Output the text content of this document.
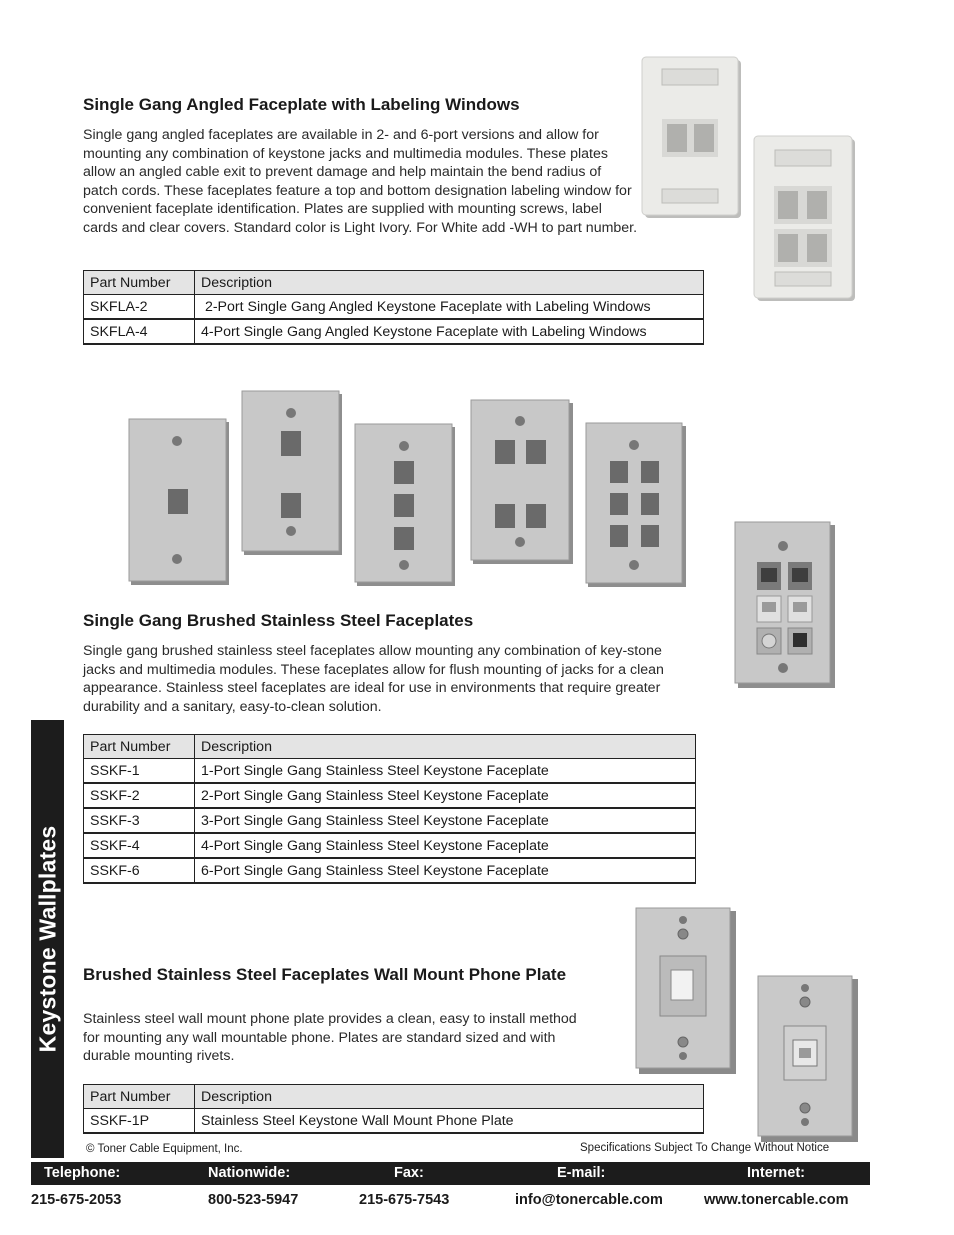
Single Gang Angled Faceplate with Labeling Windows

Single gang angled faceplates are available in 2- and 6-port versions and allow for mounting any combination of keystone jacks and multimedia modules. These plates allow an angled cable exit to prevent damage and help maintain the bend radius of patch cords. These faceplates feature a top and bottom designation labeling window for convenient faceplate identification. Plates are supplied with mounting screws, label cards and clear covers. Standard color is Light Ivory. For White add -WH to part number.

Part Number	Description
SKFLA-2	2-Port Single Gang Angled Keystone Faceplate with Labeling Windows
SKFLA-4	4-Port Single Gang Angled Keystone Faceplate with Labeling Windows
Single Gang Brushed Stainless Steel Faceplates

Single gang brushed stainless steel faceplates allow mounting any combination of key-stone jacks and multimedia modules. These faceplates allow for flush mounting of jacks for a clean appearance. Stainless steel faceplates are ideal for use in environments that require greater durability and a sanitary, easy-to-clean solution.

Part Number	Description
SSKF-1	1-Port Single Gang Stainless Steel Keystone Faceplate
SSKF-2	2-Port Single Gang Stainless Steel Keystone Faceplate
SSKF-3	3-Port Single Gang Stainless Steel Keystone Faceplate
SSKF-4	4-Port Single Gang Stainless Steel Keystone Faceplate
SSKF-6	6-Port Single Gang Stainless Steel Keystone Faceplate
Keystone Wallplates Brushed Stainless Steel Faceplates Wall Mount Phone Plate

Stainless steel wall mount phone plate provides a clean, easy to install method for mounting any wall mountable phone. Plates are standard sized and with durable mounting rivets.

Part Number	Description
SSKF-1P	Stainless Steel Keystone Wall Mount Phone Plate
© Toner Cable Equipment, Inc.	Specifications Subject To Change Without Notice
Telephone:	Nationwide:	Fax:	E-mail:	Internet:
215-675-2053	800-523-5947	215-675-7543	info@tonercable.com	www.tonercable.com
